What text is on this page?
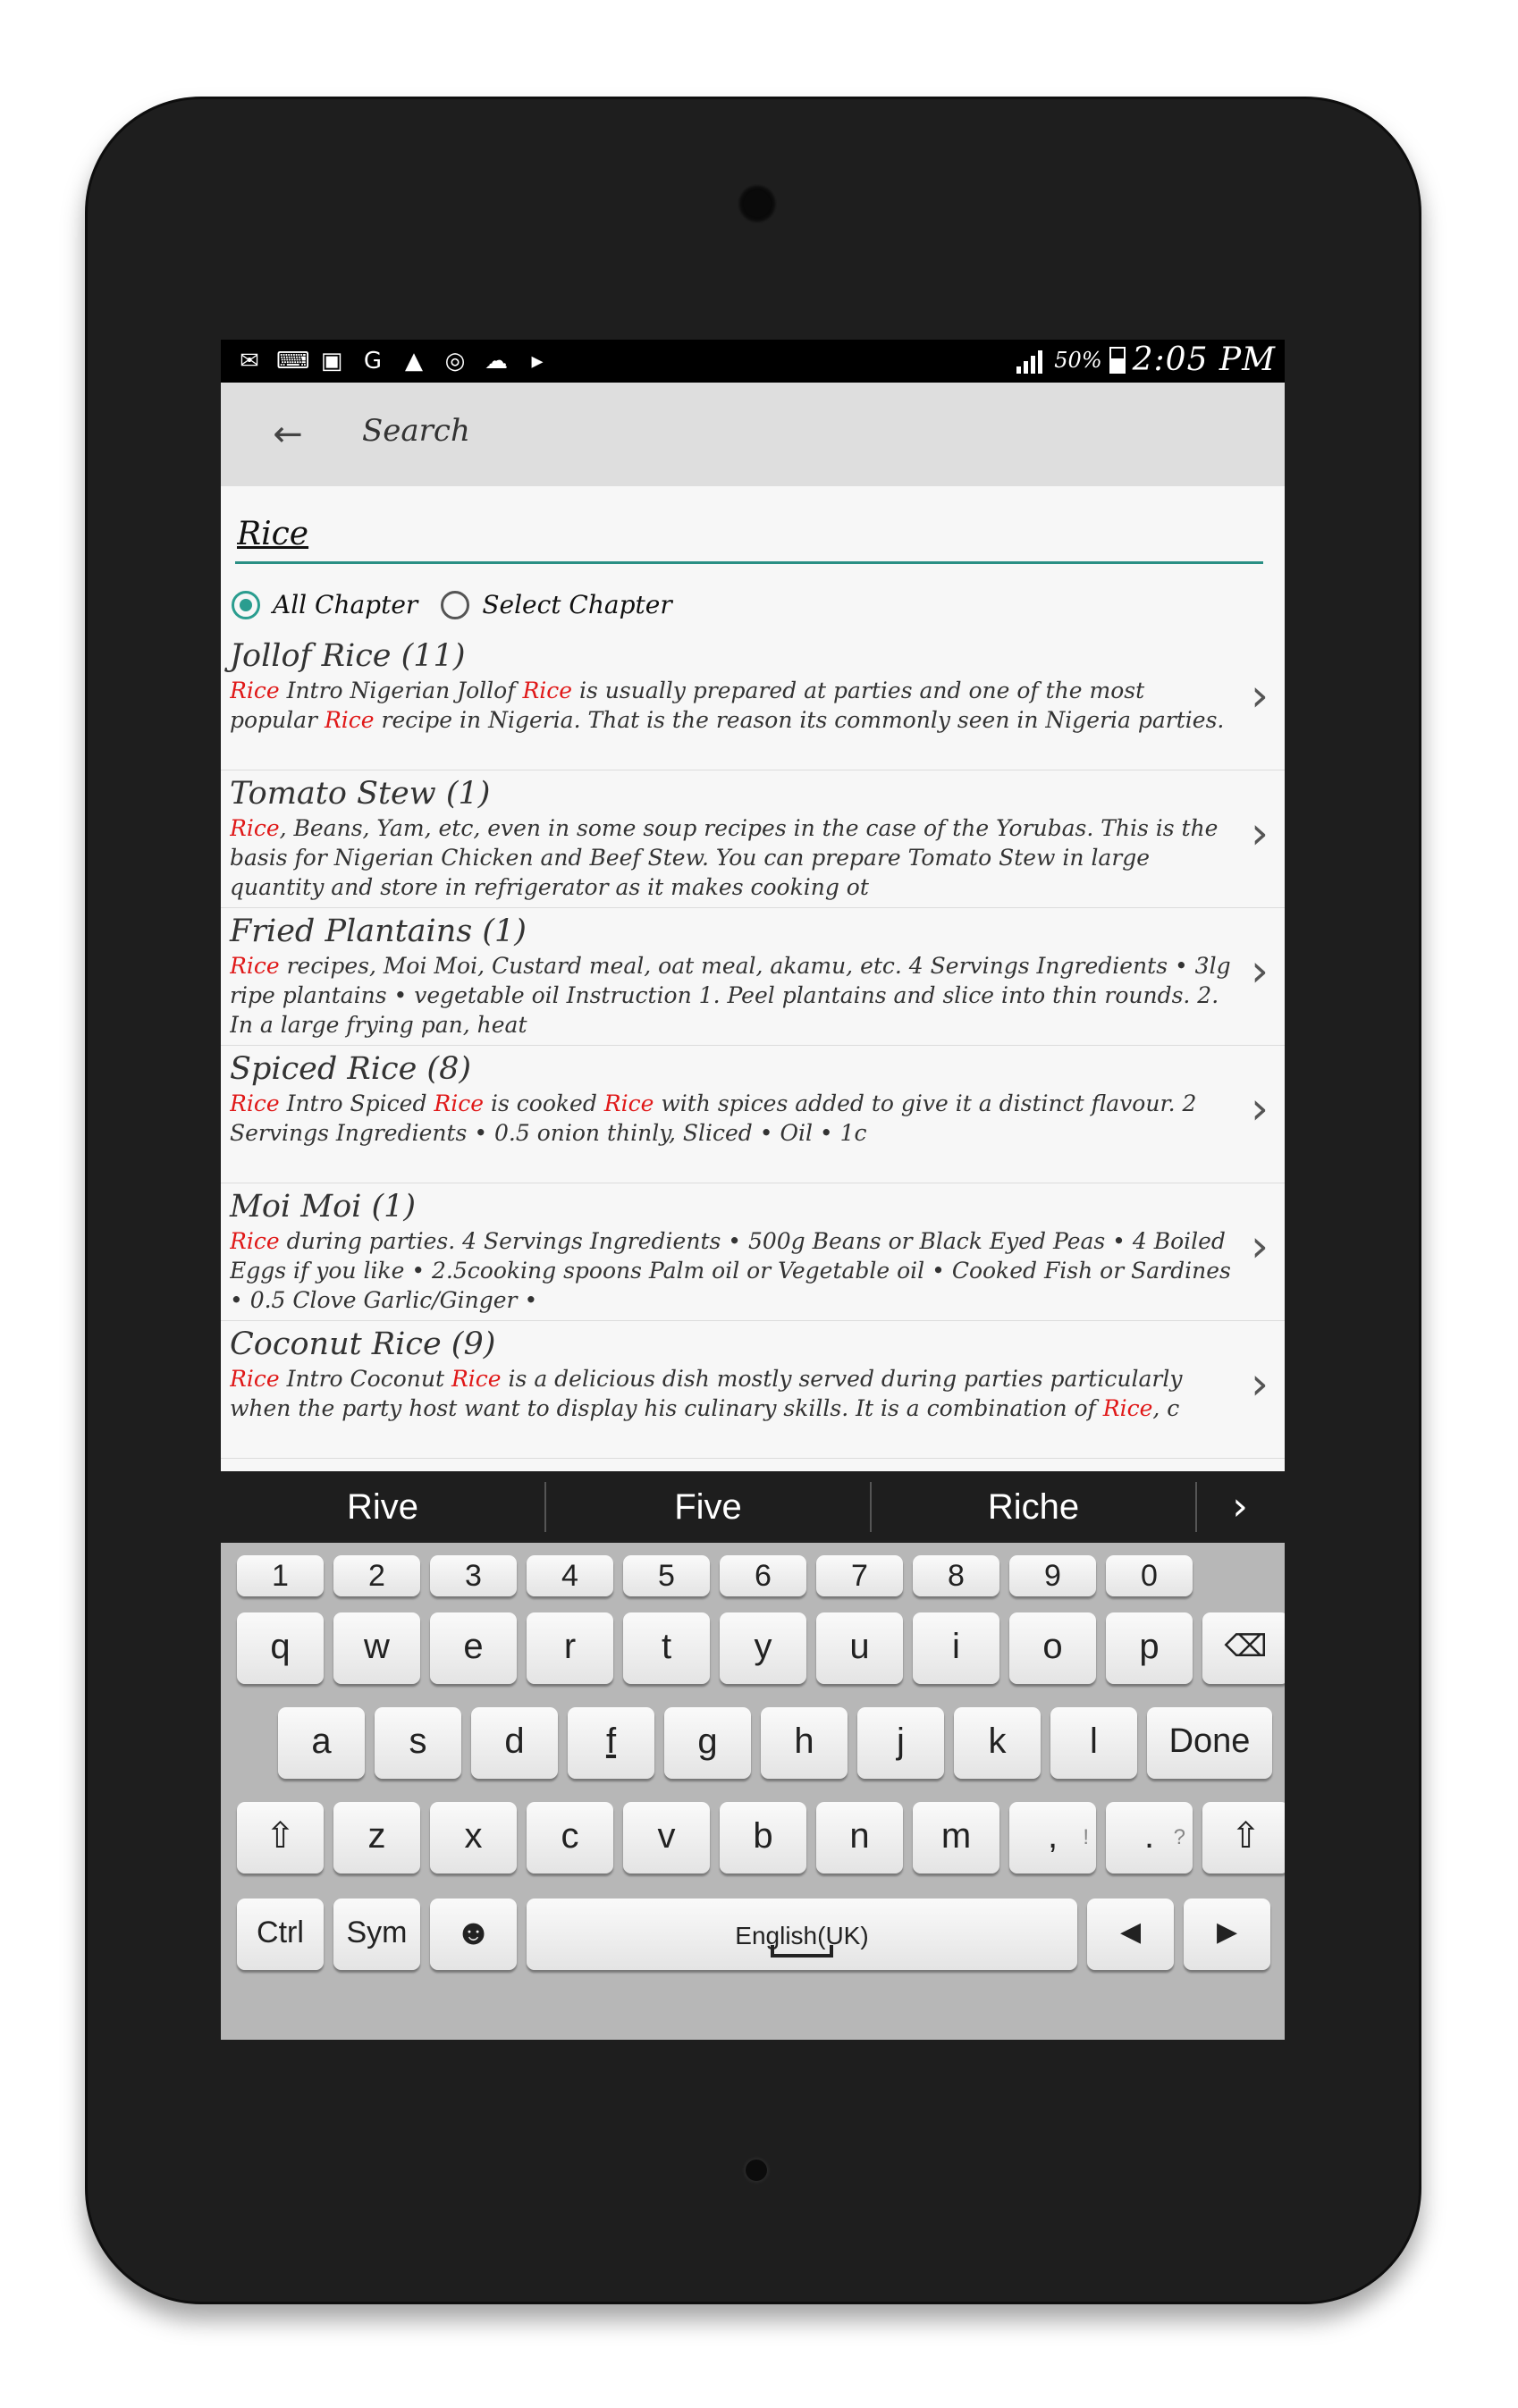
✉ ⌨ ▣ G ▲ ◎ ☁	▸	50% 2:05 PM
← Search
Rice
All Chapter	Select Chapter
Jollof Rice (11)
Rice Intro Nigerian Jollof Rice is usually prepared at parties and one of the most popular Rice recipe in Nigeria. That is the reason its commonly seen in Nigeria parties. ›
Tomato Stew (1)
Rice, Beans, Yam, etc, even in some soup recipes in the case of the Yorubas. This is the basis for Nigerian Chicken and Beef Stew. You can prepare Tomato Stew in large quantity and store in refrigerator as it makes cooking ot
›
Fried Plantains (1)
Rice recipes, Moi Moi, Custard meal, oat meal, akamu, etc. 4 Servings Ingredients • 3lg ripe plantains • vegetable oil Instruction 1. Peel plantains and slice into thin rounds. 2. In a large frying pan, heat
›
Spiced Rice (8)
Rice Intro Spiced Rice is cooked Rice with spices added to give it a distinct flavour. 2 Servings Ingredients • 0.5 onion thinly, Sliced • Oil • 1c	›
Moi Moi (1)
Rice during parties. 4 Servings Ingredients • 500g Beans or Black Eyed Peas • 4 Boiled Eggs if you like • 2.5cooking spoons Palm oil or Vegetable oil • Cooked Fish or Sardines • 0.5 Clove Garlic/Ginger •
›
Coconut Rice (9)
Rice Intro Coconut Rice is a delicious dish mostly served during parties particularly when the party host want to display his culinary skills. It is a combination of Rice, c	›
Rive	Five	Riche	›
1	2	3	4	5	6	7	8	9	0
q	w	e	r	t	y	u	i	o	p	⌫
a	s	d	f	g	h	j	k	l	Done
⇧	z	x	c	v	b	n	m	, !	. ?	⇧
Ctrl	Sym	☻	English(UK)	◀	▶
